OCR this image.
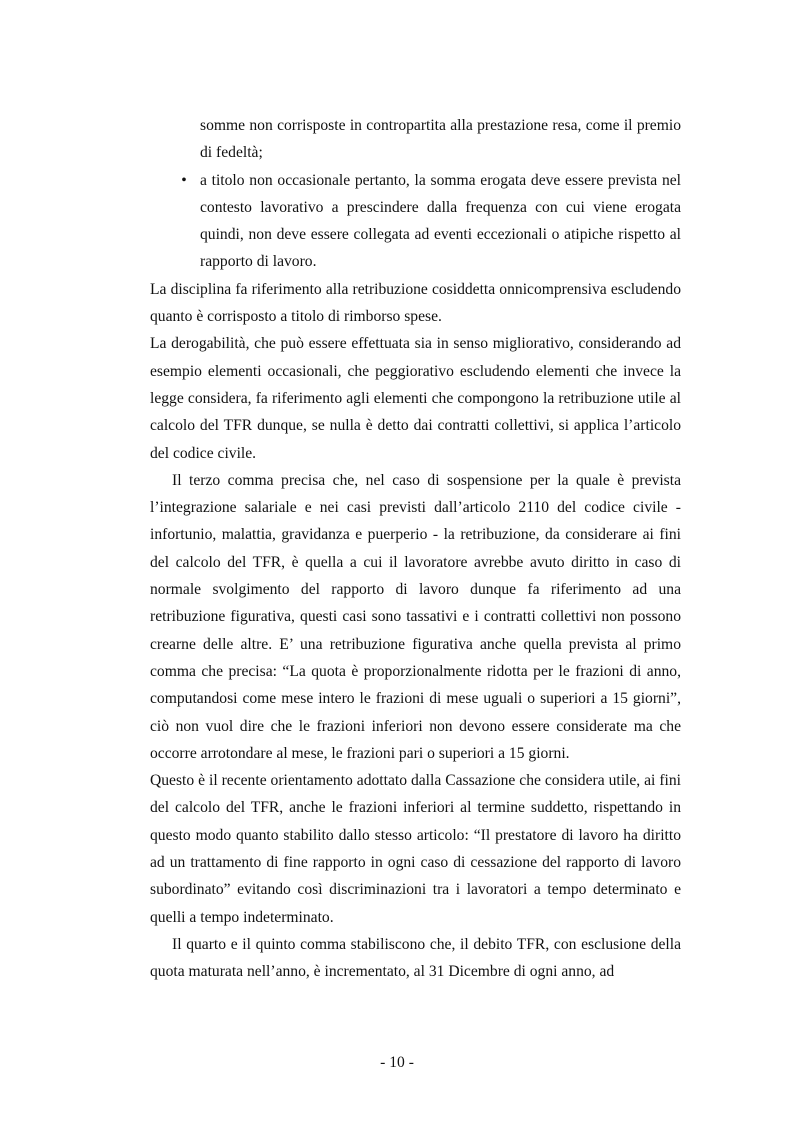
somme non corrisposte in contropartita alla prestazione resa, come il premio di fedeltà;
• a titolo non occasionale pertanto, la somma erogata deve essere prevista nel contesto lavorativo a prescindere dalla frequenza con cui viene erogata quindi, non deve essere collegata ad eventi eccezionali o atipiche rispetto al rapporto di lavoro.

La disciplina fa riferimento alla retribuzione cosiddetta onnicomprensiva escludendo quanto è corrisposto a titolo di rimborso spese.

La derogabilità, che può essere effettuata sia in senso migliorativo, considerando ad esempio elementi occasionali, che peggiorativo escludendo elementi che invece la legge considera, fa riferimento agli elementi che compongono la retribuzione utile al calcolo del TFR dunque, se nulla è detto dai contratti collettivi, si applica l’articolo del codice civile.

Il terzo comma precisa che, nel caso di sospensione per la quale è prevista l’integrazione salariale e nei casi previsti dall’articolo 2110 del codice civile - infortunio, malattia, gravidanza e puerperio - la retribuzione, da considerare ai fini del calcolo del TFR, è quella a cui il lavoratore avrebbe avuto diritto in caso di normale svolgimento del rapporto di lavoro dunque fa riferimento ad una retribuzione figurativa, questi casi sono tassativi e i contratti collettivi non possono crearne delle altre. E’ una retribuzione figurativa anche quella prevista al primo comma che precisa: “La quota è proporzionalmente ridotta per le frazioni di anno, computandosi come mese intero le frazioni di mese uguali o superiori a 15 giorni”, ciò non vuol dire che le frazioni inferiori non devono essere considerate ma che occorre arrotondare al mese, le frazioni pari o superiori a 15 giorni.

Questo è il recente orientamento adottato dalla Cassazione che considera utile, ai fini del calcolo del TFR, anche le frazioni inferiori al termine suddetto, rispettando in questo modo quanto stabilito dallo stesso articolo: “Il prestatore di lavoro ha diritto ad un trattamento di fine rapporto in ogni caso di cessazione del rapporto di lavoro subordinato” evitando così discriminazioni tra i lavoratori a tempo determinato e quelli a tempo indeterminato.

Il quarto e il quinto comma stabiliscono che, il debito TFR, con esclusione della quota maturata nell’anno, è incrementato, al 31 Dicembre di ogni anno, ad

- 10 -
